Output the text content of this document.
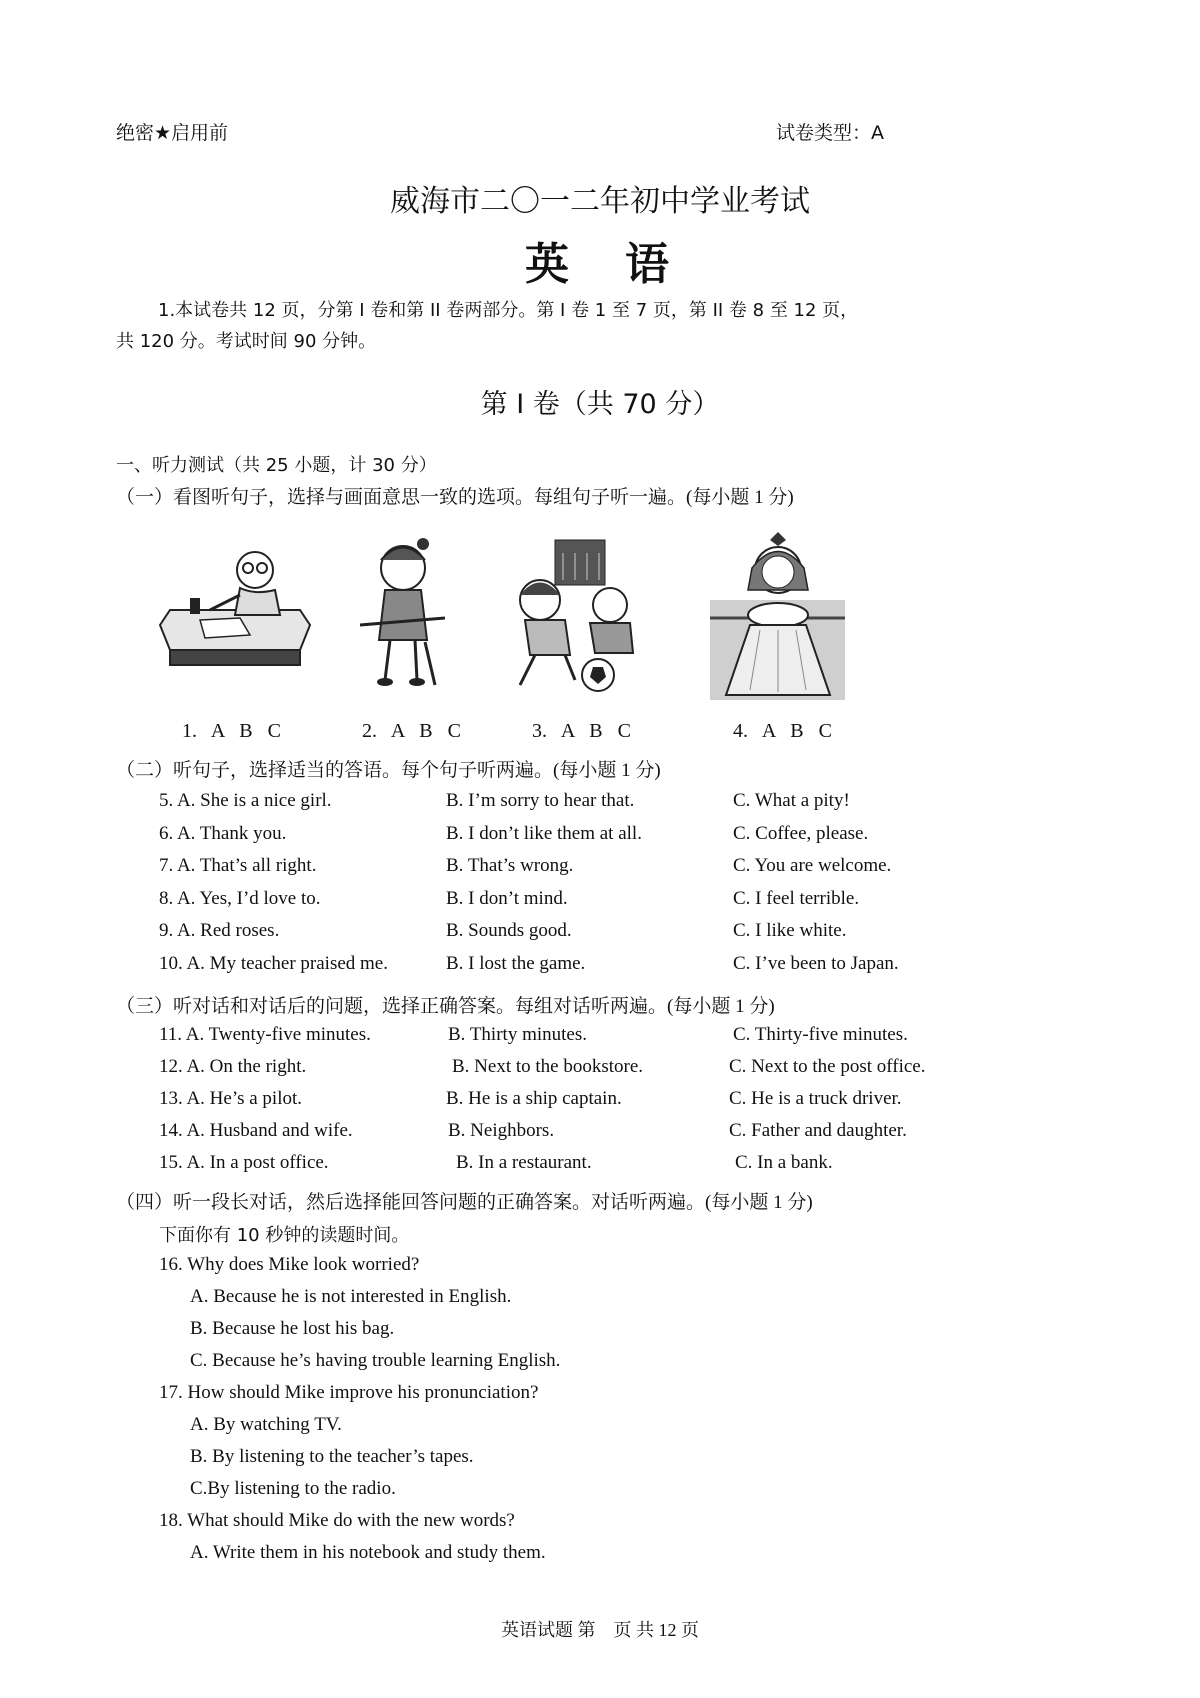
绝密★启用前	试卷类型：A
威海市二〇一二年初中学业考试
英　语
1.本试卷共 12 页，分第 I 卷和第 II 卷两部分。第 I 卷 1 至 7 页，第 II 卷 8 至 12 页，
共 120 分。考试时间 90 分钟。
第 I 卷（共 70 分）
一、听力测试（共 25 小题，计 30 分）
（一）看图听句子，选择与画面意思一致的选项。每组句子听一遍。(每小题 1 分)
1. A B C	2. A B C	3. A B C	4. A B C
（二）听句子，选择适当的答语。每个句子听两遍。(每小题 1 分)
5. A. She is a nice girl.	B. I’m sorry to hear that.	C. What a pity!
6. A. Thank you.	B. I don’t like them at all.	C. Coffee, please.
7. A. That’s all right.	B. That’s wrong.	C. You are welcome.
8. A. Yes, I’d love to.	B. I don’t mind.	C. I feel terrible.
9. A. Red roses.	B. Sounds good.	C. I like white.
10. A. My teacher praised me.	B. I lost the game.	C. I’ve been to Japan.
（三）听对话和对话后的问题，选择正确答案。每组对话听两遍。(每小题 1 分)
11. A. Twenty-five minutes.	B. Thirty minutes.	C. Thirty-five minutes.
12. A. On the right.	B. Next to the bookstore.	C. Next to the post office.
13. A. He’s a pilot.	B. He is a ship captain.	C. He is a truck driver.
14. A. Husband and wife.	B. Neighbors.	C. Father and daughter.
15. A. In a post office.	B. In a restaurant.	C. In a bank.
（四）听一段长对话，然后选择能回答问题的正确答案。对话听两遍。(每小题 1 分)
下面你有 10 秒钟的读题时间。
16. Why does Mike look worried?
A. Because he is not interested in English.
B. Because he lost his bag.
C. Because he’s having trouble learning English.
17. How should Mike improve his pronunciation?
A. By watching TV.
B. By listening to the teacher’s tapes.
C.By listening to the radio.
18. What should Mike do with the new words?
A. Write them in his notebook and study them.
英语试题 第    页 共 12 页
